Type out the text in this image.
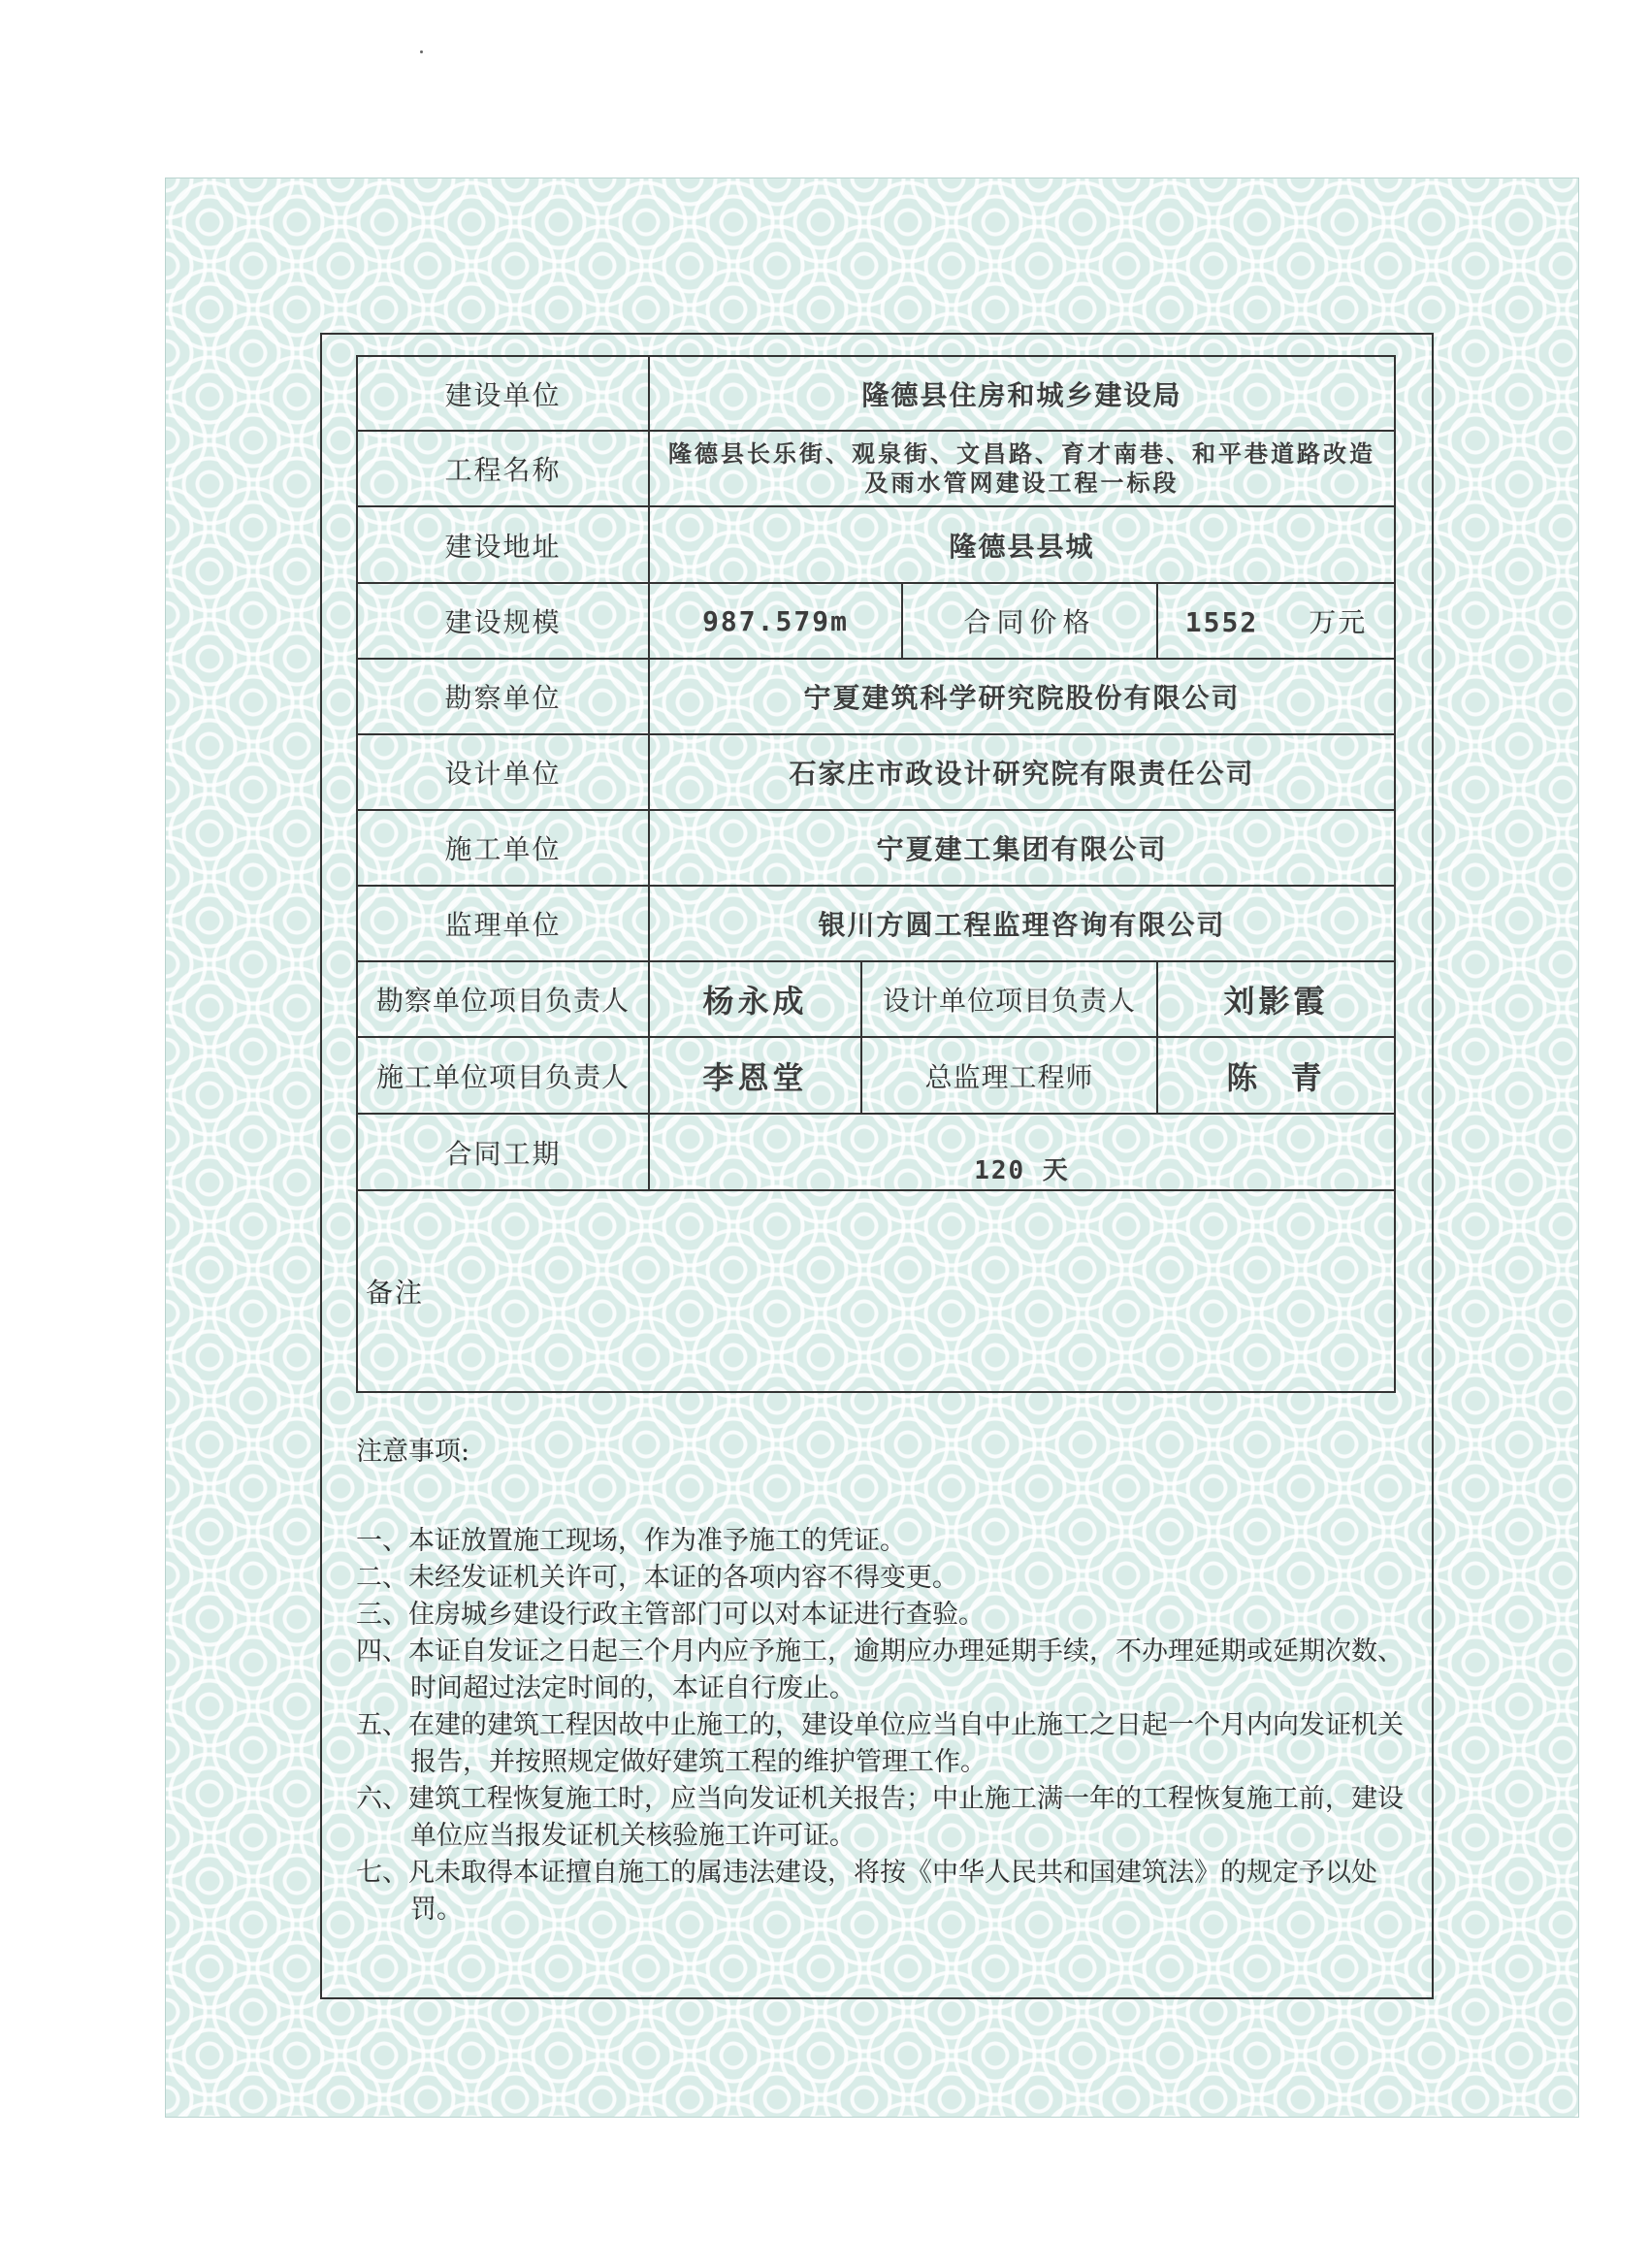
建设单位	隆德县住房和城乡建设局			
工程名称	隆德县长乐街、观泉街、文昌路、育才南巷、和平巷道路改造及雨水管网建设工程一标段			
建设地址	隆德县县城			
建设规模	987.579m		合同价格	1552 万元
勘察单位	宁夏建筑科学研究院股份有限公司			
设计单位	石家庄市政设计研究院有限责任公司			
施工单位	宁夏建工集团有限公司			
监理单位	银川方圆工程监理咨询有限公司			
勘察单位项目负责人	杨永成	设计单位项目负责人		刘影霞
施工单位项目负责人	李恩堂	总监理工程师		陈  青
合同工期	120 天			
备注				
注意事项:
一、本证放置施工现场，作为准予施工的凭证。
二、未经发证机关许可，本证的各项内容不得变更。
三、住房城乡建设行政主管部门可以对本证进行查验。
四、本证自发证之日起三个月内应予施工，逾期应办理延期手续，不办理延期或延期次数、时间超过法定时间的，本证自行废止。
五、在建的建筑工程因故中止施工的，建设单位应当自中止施工之日起一个月内向发证机关报告，并按照规定做好建筑工程的维护管理工作。
六、建筑工程恢复施工时，应当向发证机关报告；中止施工满一年的工程恢复施工前，建设单位应当报发证机关核验施工许可证。
七、凡未取得本证擅自施工的属违法建设，将按《中华人民共和国建筑法》的规定予以处罚。
